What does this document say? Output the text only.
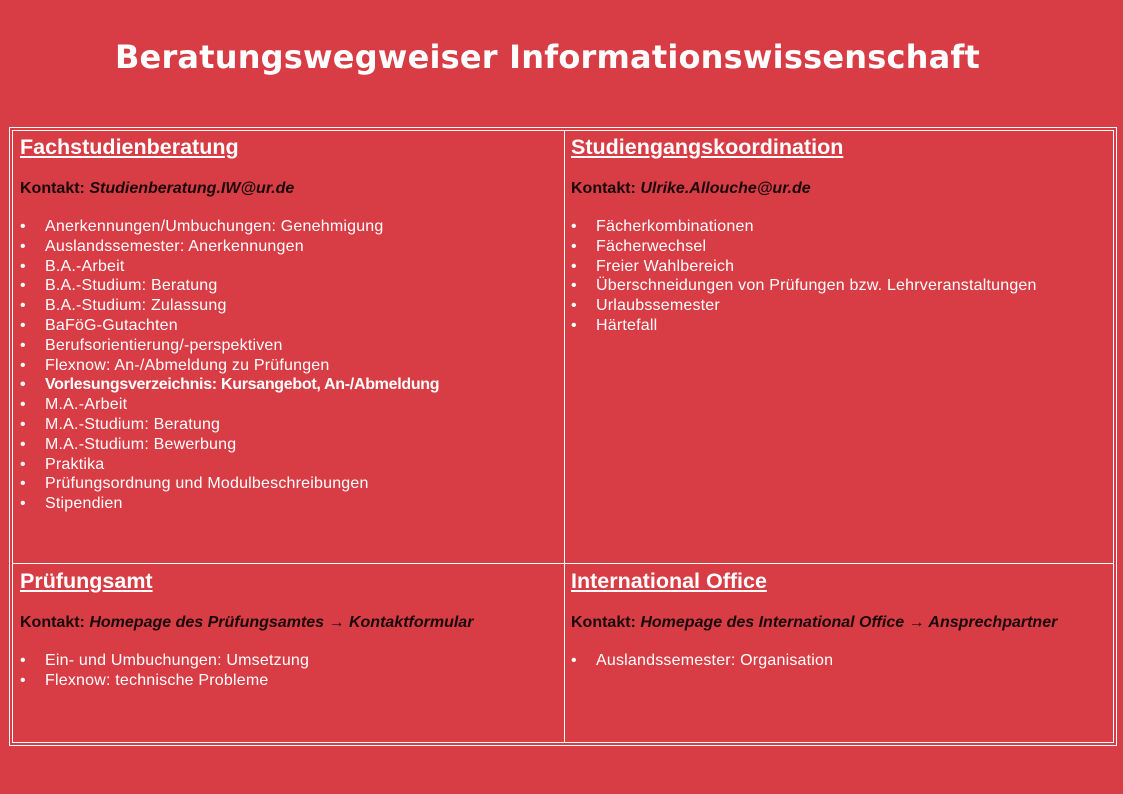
Beratungswegweiser Informationswissenschaft
Fachstudienberatung
Kontakt: Studienberatung.IW@ur.de
• Anerkennungen/Umbuchungen: Genehmigung
• Auslandssemester: Anerkennungen
• B.A.-Arbeit
• B.A.-Studium: Beratung
• B.A.-Studium: Zulassung
• BaFöG-Gutachten
• Berufsorientierung/-perspektiven
• Flexnow: An-/Abmeldung zu Prüfungen
• Vorlesungsverzeichnis: Kursangebot, An-/Abmeldung
• M.A.-Arbeit
• M.A.-Studium: Beratung
• M.A.-Studium: Bewerbung
• Praktika
• Prüfungsordnung und Modulbeschreibungen
• Stipendien
Studiengangskoordination
Kontakt: Ulrike.Allouche@ur.de
• Fächerkombinationen
• Fächerwechsel
• Freier Wahlbereich
• Überschneidungen von Prüfungen bzw. Lehrveranstaltungen
• Urlaubssemester
• Härtefall
Prüfungsamt
Kontakt: Homepage des Prüfungsamtes → Kontaktformular
• Ein- und Umbuchungen: Umsetzung
• Flexnow: technische Probleme
International Office
Kontakt: Homepage des International Office → Ansprechpartner
• Auslandssemester: Organisation
